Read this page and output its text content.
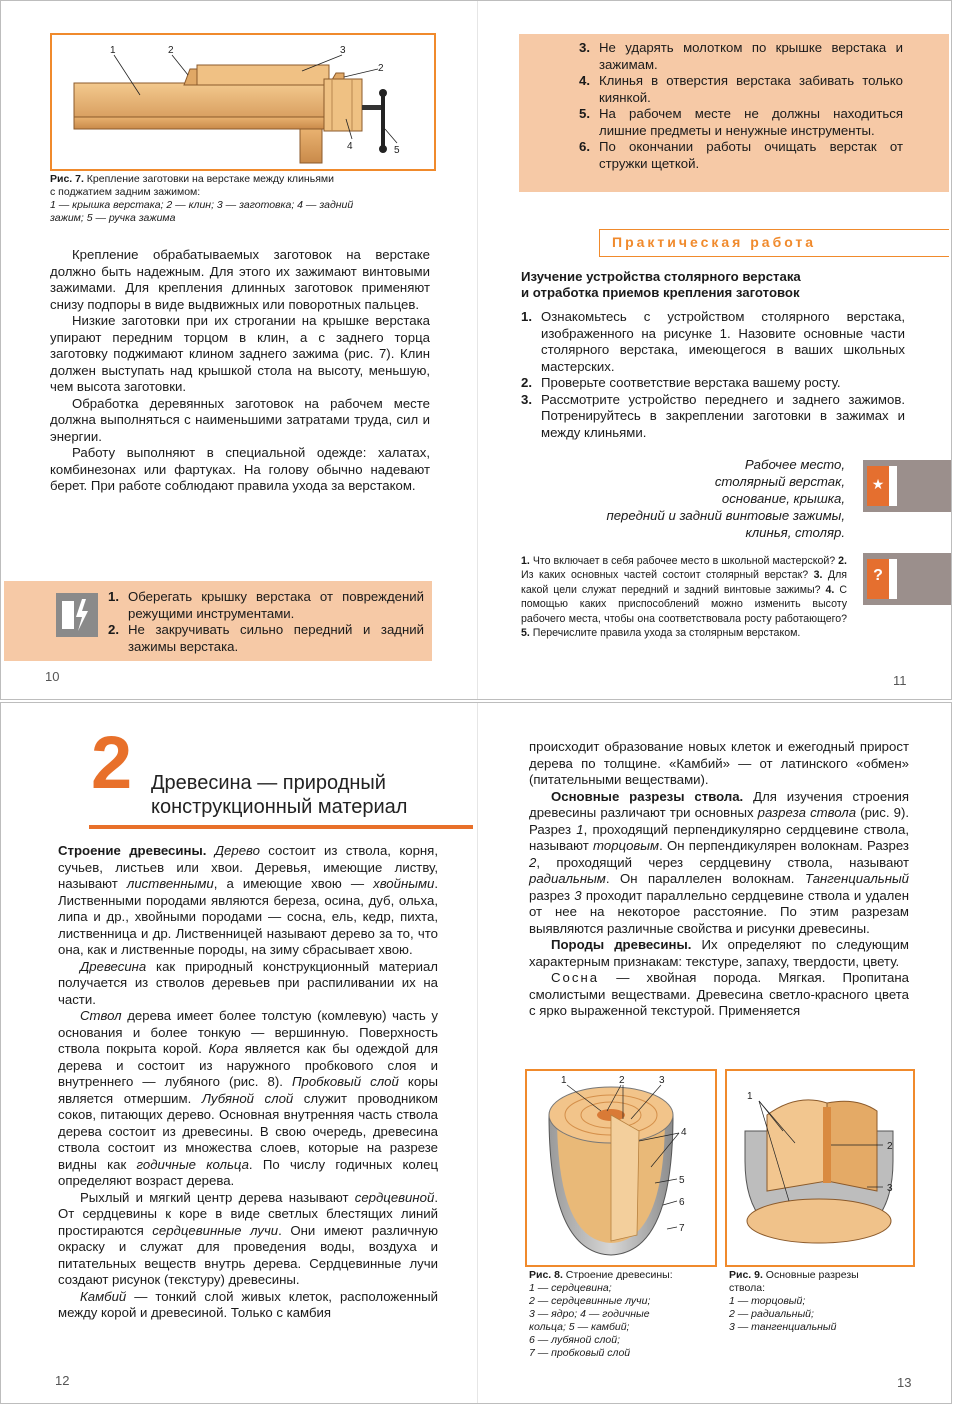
1	2	3
2
4	5
Рис. 7. Крепление заготовки на верстаке между клиньями
с поджатием задним зажимом:
1 — крышка верстака; 2 — клин; 3 — заготовка; 4 — задний
зажим; 5 — ручка зажима

Крепление обрабатываемых заготовок на верстаке должно быть надежным. Для этого их зажимают винтовыми зажимами. Для крепления длинных заготовок применяют снизу подпоры в виде выдвижных или поворотных пальцев.

Низкие заготовки при их строгании на крышке верстака упирают передним торцом в клин, а с заднего торца заготовку поджимают клином заднего зажима (рис. 7). Клин должен выступать над крышкой стола на высоту, меньшую, чем высота заготовки.

Обработка деревянных заготовок на рабочем месте должна выполняться с наименьшими затратами труда, сил и энергии.

Работу выполняют в специальной одежде: халатах, комбинезонах или фартуках. На голову обычно надевают берет. При работе соблюдают правила ухода за верстаком.

1. Оберегать крышку верстака от повреждений режущими инструментами.
2. Не закручивать сильно передний и задний зажимы верстака.
10
3. Не ударять молотком по крышке верстака и зажимам.
4. Клинья в отверстия верстака забивать только киянкой.
5. На рабочем месте не должны находиться лишние предметы и ненужные инструменты.
6. По окончании работы очищать верстак от стружки щеткой.
Практическая работа
Изучение устройства столярного верстака
и отработка приемов крепления заготовок
1. Ознакомьтесь с устройством столярного верстака, изображенного на рисунке 1. Назовите основные части столярного верстака, имеющегося в ваших школьных мастерских.
2. Проверьте соответствие верстака вашему росту.
3. Рассмотрите устройство переднего и заднего зажимов. Потренируйтесь в закреплении заготовки в зажимах и между клиньями.
Рабочее место,
столярный верстак,
основание, крышка,
передний и задний винтовые зажимы,
клинья, столяр.
★
?
1. Что включает в себя рабочее место в школьной мастерской? 2. Из каких основных частей состоит столярный верстак? 3. Для какой цели служат передний и задний винтовые зажимы? 4. С помощью каких приспособлений можно изменить высоту рабочего места, чтобы она соответствовала росту работающего? 5. Перечислите правила ухода за столярным верстаком.
11
2 Древесина — природный
конструкционный материал

Строение древесины. Дерево состоит из ствола, корня, сучьев, листьев или хвои. Деревья, имеющие листву, называют лиственными, а имеющие хвою — хвойными. Лиственными породами являются береза, осина, дуб, ольха, липа и др., хвойными породами — сосна, ель, кедр, пихта, лиственница и др. Лиственницей называют дерево за то, что она, как и лиственные породы, на зиму сбрасывает хвою.

Древесина как природный конструкционный материал получается из стволов деревьев при распиливании их на части.

Ствол дерева имеет более толстую (комлевую) часть у основания и более тонкую — вершинную. Поверхность ствола покрыта корой. Кора является как бы одеждой для дерева и состоит из наружного пробкового слоя и внутреннего — лубяного (рис. 8). Пробковый слой коры является отмершим. Лубяной слой служит проводником соков, питающих дерево. Основная внутренняя часть ствола дерева состоит из древесины. В свою очередь, древесина ствола состоит из множества слоев, которые на разрезе видны как годичные кольца. По числу годичных колец определяют возраст дерева.

Рыхлый и мягкий центр дерева называют сердцевиной. От сердцевины к коре в виде светлых блестящих линий простираются сердцевинные лучи. Они имеют различную окраску и служат для проведения воды, воздуха и питательных веществ внутрь дерева. Сердцевинные лучи создают рисунок (текстуру) древесины.

Камбий — тонкий слой живых клеток, расположенный между корой и древесиной. Только с камбия

12

происходит образование новых клеток и ежегодный прирост дерева по толщине. «Камбий» — от латинского «обмен» (питательными веществами).

Основные разрезы ствола. Для изучения строения древесины различают три основных разреза ствола (рис. 9). Разрез 1, проходящий перпендикулярно сердцевине ствола, называют торцовым. Он перпендикулярен волокнам. Разрез 2, проходящий через сердцевину ствола, называют радиальным. Он параллелен волокнам. Тангенциальный разрез 3 проходит параллельно сердцевине ствола и удален от нее на некоторое расстояние. По этим разрезам выявляются различные свойства и рисунки древесины.

Породы древесины. Их определяют по следующим характерным признакам: текстуре, запаху, твердости, цвету.

Сосна — хвойная порода. Мягкая. Пропитана смолистыми веществами. Древесина светло-красного цвета с ярко выраженной текстурой. Применяется

1	2	3
4
5
6
7
Рис. 8. Строение древесины:
1 — сердцевина;
2 — сердцевинные лучи;
3 — ядро; 4 — годичные
кольца; 5 — камбий;
6 — лубяной слой;
7 — пробковый слой
1
2
3
Рис. 9. Основные разрезы
ствола:
1 — торцовый;
2 — радиальный;
3 — тангенциальный
13
